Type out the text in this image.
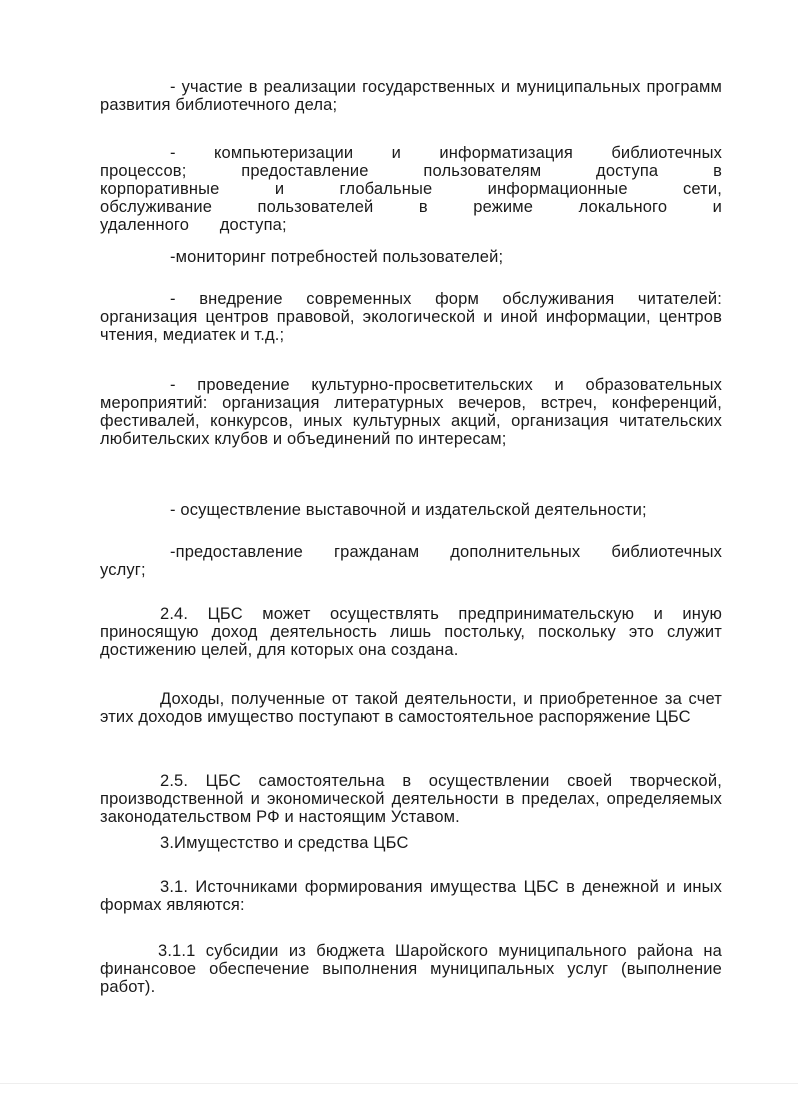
- участие в реализации государственных и муниципальных программ развития библиотечного дела;

- компьютеризации и информатизация библиотечных процессов; предоставление пользователям доступа в корпоративные и глобальные информационные сети, обслуживание пользователей в режиме локального и удаленного доступа;

-мониторинг потребностей пользователей;

- внедрение современных форм обслуживания читателей: организация центров правовой, экологической и иной информации, центров чтения, медиатек и т.д.;

- проведение культурно-просветительских и образовательных мероприятий: организация литературных вечеров, встреч, конференций, фестивалей, конкурсов, иных культурных акций, организация читательских любительских клубов и объединений по интересам;

- осуществление выставочной и издательской деятельности;

-предоставление гражданам дополнительных библиотечных услуг;

2.4. ЦБС может осуществлять предпринимательскую и иную приносящую доход деятельность лишь постольку, поскольку это служит достижению целей, для которых она создана.

Доходы, полученные от такой деятельности, и приобретенное за счет этих доходов имущество поступают в самостоятельное распоряжение ЦБС

2.5. ЦБС самостоятельна в осуществлении своей творческой, производственной и экономической деятельности в пределах, определяемых законодательством РФ и настоящим Уставом.

3.Имущестство и средства ЦБС

3.1. Источниками формирования имущества ЦБС в денежной и иных формах являются:

3.1.1 субсидии из бюджета Шаройского муниципального района на финансовое обеспечение выполнения муниципальных услуг (выполнение работ).
